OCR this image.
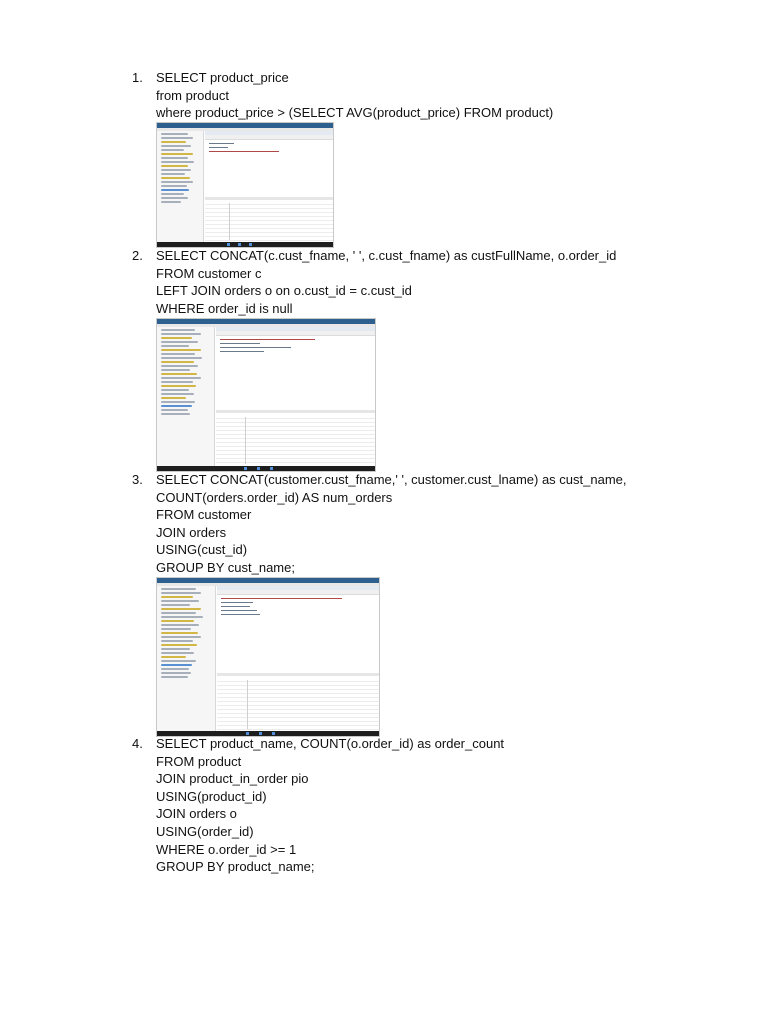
1. SELECT product_price
from product
where product_price > (SELECT AVG(product_price) FROM product)
2. SELECT CONCAT(c.cust_fname, ' ', c.cust_fname) as custFullName, o.order_id
FROM customer c
LEFT JOIN orders o on o.cust_id = c.cust_id
WHERE order_id is null
3. SELECT CONCAT(customer.cust_fname,' ', customer.cust_lname) as cust_name,
COUNT(orders.order_id) AS num_orders
FROM customer
JOIN orders
USING(cust_id)
GROUP BY cust_name;
4. SELECT product_name, COUNT(o.order_id) as order_count
FROM product
JOIN product_in_order pio
USING(product_id)
JOIN orders o
USING(order_id)
WHERE o.order_id >= 1
GROUP BY product_name;
